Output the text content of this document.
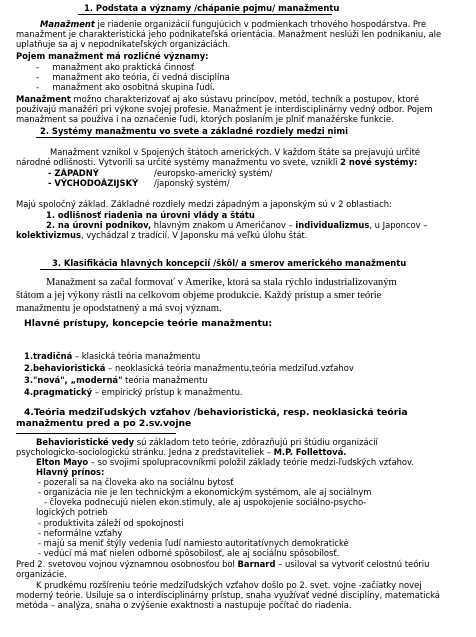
1. Podstata a významy /chápanie pojmu/ manažmentu
Manažment je riadenie organizácií fungujúcich v podmienkach trhového hospodárstva. Pre
manažment je charakteristická jeho podnikateľská orientácia. Manažment neslúži len podnikaniu, ale
uplatňuje sa aj v nepodnikateľských organizáciách.
Pojem manažment má rozličné významy:
-     manažment ako praktická činnosť
-     manažment ako teória, či vedná disciplína
-     manažment ako osobitná skupina ľudí.
Manažment možno charakterizovať aj ako sústavu princípov, metód, techník a postupov, ktoré
používajú manažéri pri výkone svojej profesie. Manažment je interdisciplinárny vedný odbor. Pojem
manažment sa používa i na označenie ľudí, ktorých poslaním je plniť manažérske funkcie.
2. Systémy manažmentu vo svete a základné rozdiely medzi nimi
Manažment vznikol v Spojených štátoch amerických. V každom štáte sa prejavujú určité
národné odlišnosti. Vytvorili sa určité systémy manažmentu vo svete, vznikli 2 nové systémy:
- ZÁPADNÝ	/europsko-americký systém/
- VÝCHODOÁZIJSKÝ	/japonský systém/
Majú spoločný základ. Základné rozdiely medzi západným a japonským sú v 2 oblastiach:
1. odlišnosť riadenia na úrovni vlády a štátu
2. na úrovni podnikov, hlavným znakom u Američanov – individualizmus, u Japoncov –
kolektivizmus, vychádzal z tradícií. V Japonsku má veľkú úlohu štát.
3. Klasifikácia hlavných koncepcií /škôl/ a smerov amerického manažmentu
Manažment sa začal formovať v Amerike, ktorá sa stala rýchlo industrializovaným
štátom a jej výkony rástli na celkovom objeme produkcie. Každý prístup a smer teórie
manažmentu je opodstatnený a má svoj význam.
Hlavné prístupy, koncepcie teórie manažmentu:
1.tradičná – klasická teória manažmentu
2.behavioristická – neoklasická teória manažmentu,teória medziľud.vzťahov
3."nová", „moderná" teória manažmentu
4.pragmatický – empirický prístup k manažmentu.
4.Teória medziľudských vzťahov /behavioristická, resp. neoklasická teória
manažmentu pred a po 2.sv.vojne
Behavioristické vedy sú základom teto teórie, zdôrazňujú pri štúdiu organizácií
psychologicko-sociologickú stránku. Jedna z predstaviteliek – M.P. Follettová.
Elton Mayo – so svojimi spolupracovníkmi položil základy teórie medzi-ľudských vzťahov.
Hlavný prínos:
- pozerali sa na človeka ako na sociálnu bytosť
- organizácia nie je len technickým a ekonomickým systémom, ale aj sociálnym
- človeka podnecujú nielen ekon.stimuly, ale aj uspokojenie sociálno-psycho-
logických potrieb
- produktivita záleží od spokojnosti
- neformálne vzťahy
- majú sa meniť štýly vedenia ľudí namiesto autoritatívnych demokratické
- vedúci má mať nielen odborné spôsobilosť, ale aj sociálnu spôsobilosť.
Pred 2. svetovou vojnou významnou osobnosťou bol Barnard – usiloval sa vytvoriť celostnú teóriu
organizácie.
K prudkému rozšíreniu teórie medziľudských vzťahov došlo po 2. svet. vojne -začiatky novej
moderný teórie. Usiluje sa o interdisciplinárny prístup, snaha využívať vedné disciplíny, matematická
metóda – analýza, snaha o zvýšenie exaktnosti a nastupuje počítač do riadenia.
